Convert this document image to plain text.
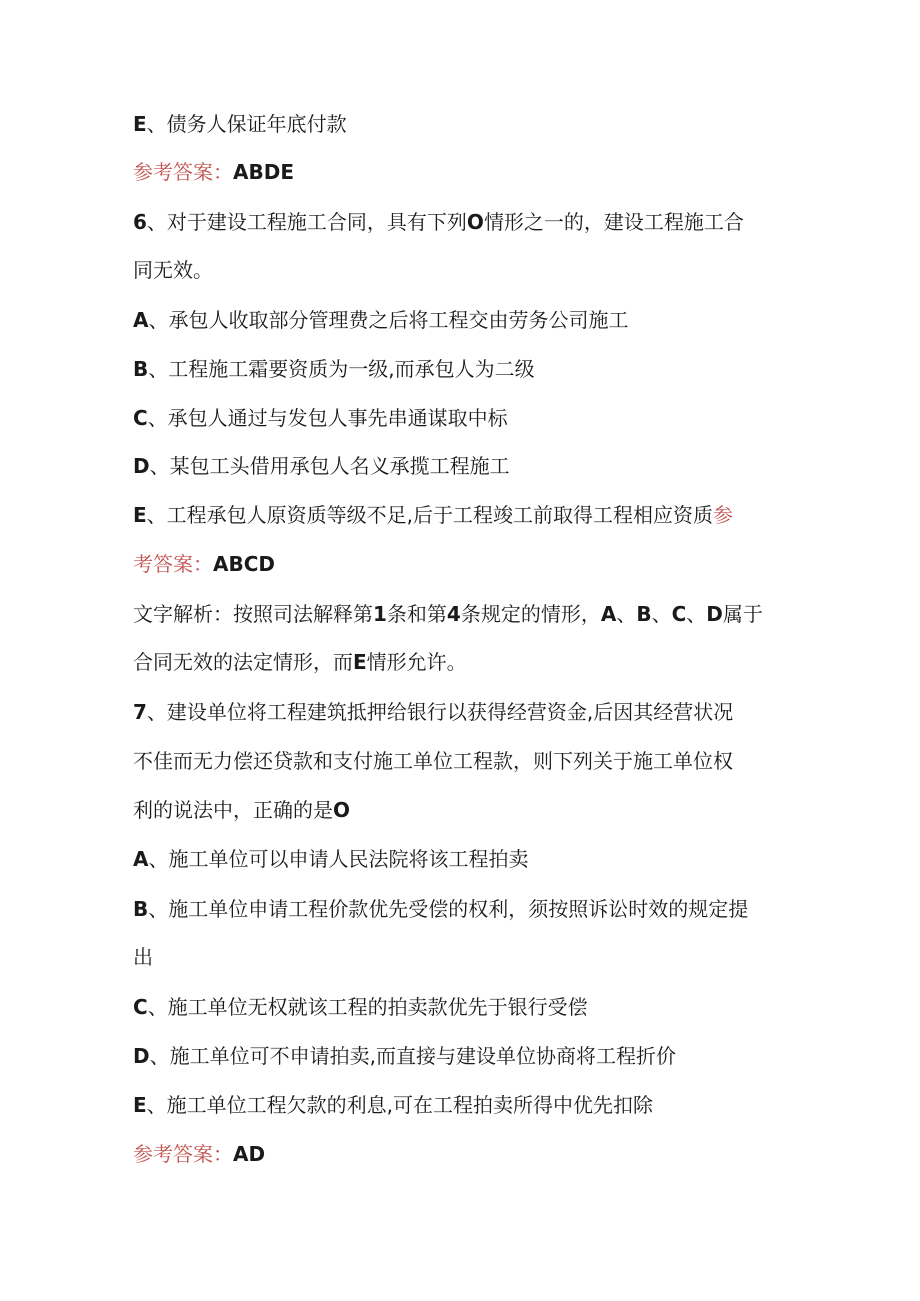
E、债务人保证年底付款
参考答案：ABDE
6、对于建设工程施工合同，具有下列O情形之一的，建设工程施工合
同无效。
A、承包人收取部分管理费之后将工程交由劳务公司施工
B、工程施工霜要资质为一级,而承包人为二级
C、承包人通过与发包人事先串通谋取中标
D、某包工头借用承包人名义承揽工程施工
E、工程承包人原资质等级不足,后于工程竣工前取得工程相应资质参
考答案：ABCD
文字解析：按照司法解释第1条和第4条规定的情形，A、B、C、D属于
合同无效的法定情形，而E情形允许。
7、建设单位将工程建筑抵押给银行以获得经营资金,后因其经营状况
不佳而无力偿还贷款和支付施工单位工程款，则下列关于施工单位权
利的说法中，正确的是O
A、施工单位可以申请人民法院将该工程拍卖
B、施工单位申请工程价款优先受偿的权利，须按照诉讼时效的规定提
出
C、施工单位无权就该工程的拍卖款优先于银行受偿
D、施工单位可不申请拍卖,而直接与建设单位协商将工程折价
E、施工单位工程欠款的利息,可在工程拍卖所得中优先扣除
参考答案：AD
